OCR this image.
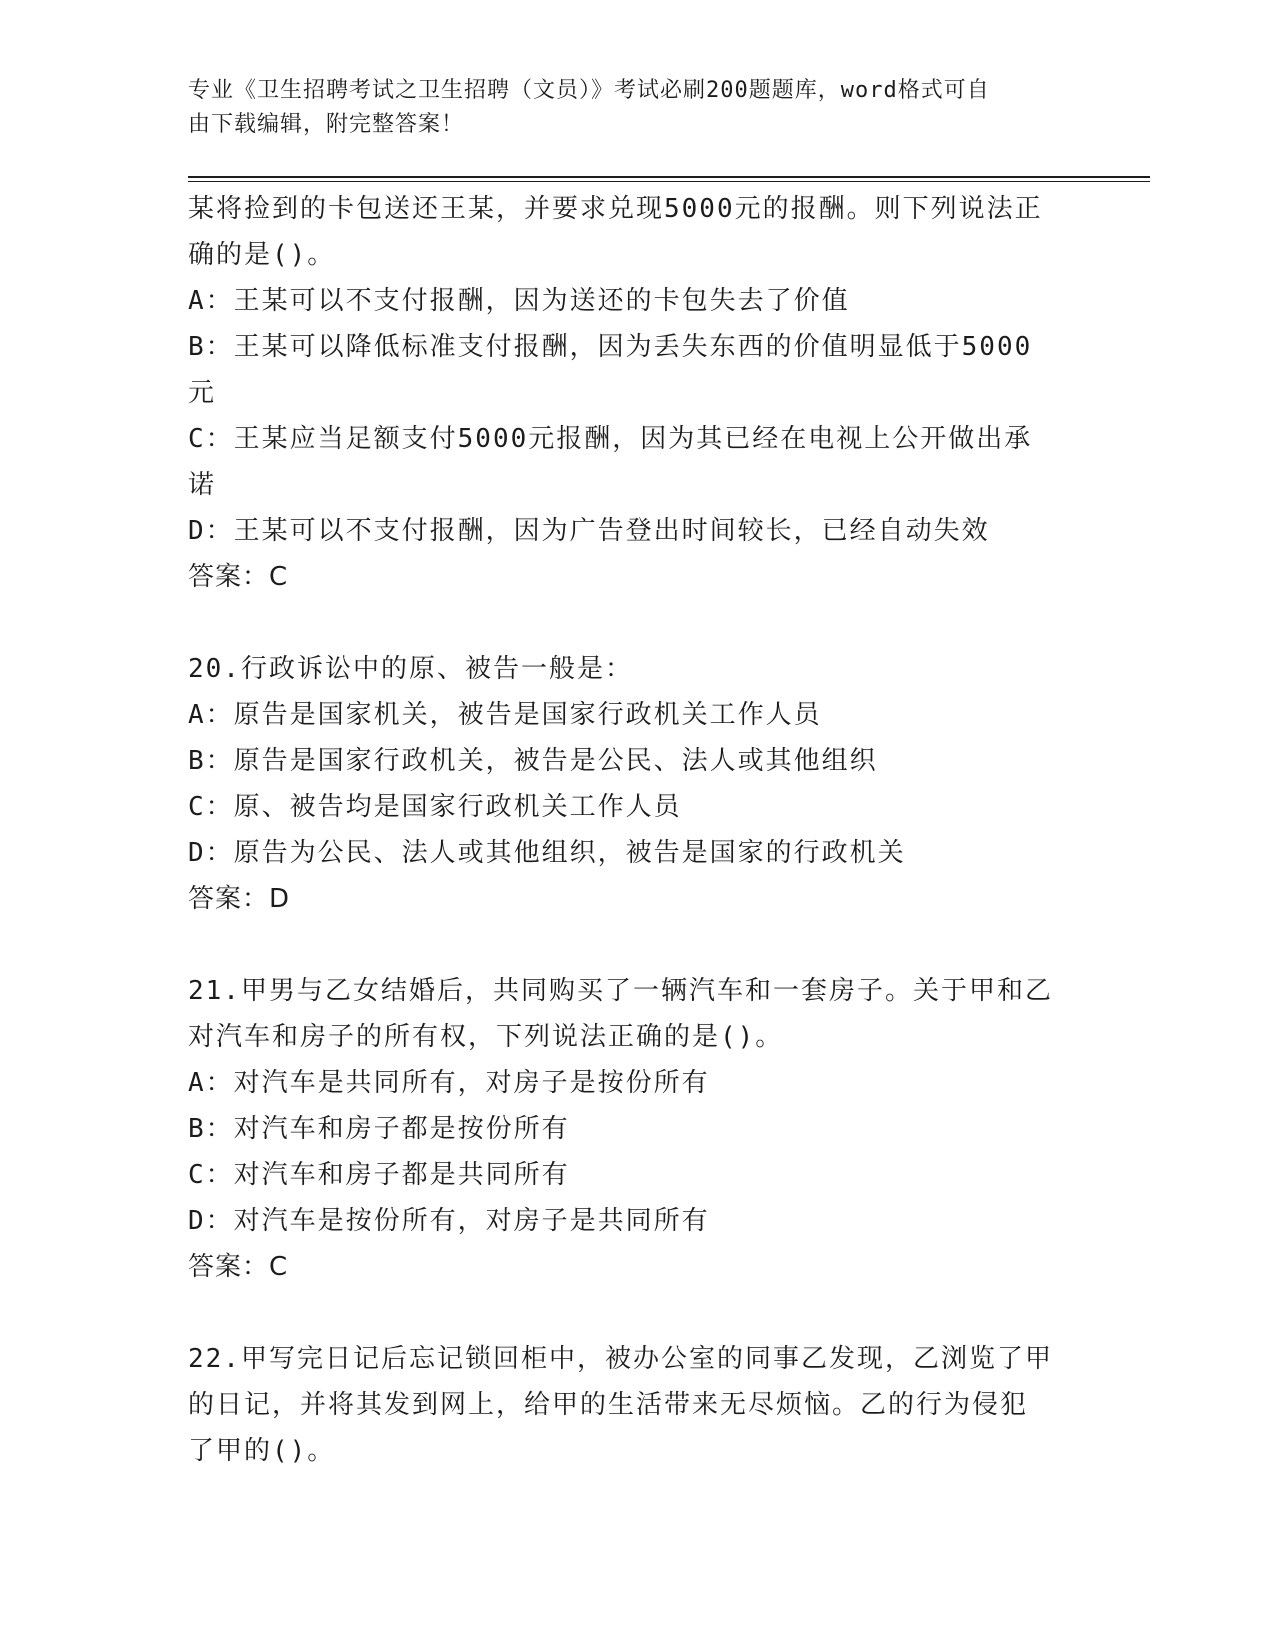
专业《卫生招聘考试之卫生招聘（文员）》考试必刷200题题库，word格式可自
由下载编辑，附完整答案！
某将捡到的卡包送还王某，并要求兑现5000元的报酬。则下列说法正
确的是()。
A：王某可以不支付报酬，因为送还的卡包失去了价值
B：王某可以降低标准支付报酬，因为丢失东西的价值明显低于5000
元
C：王某应当足额支付5000元报酬，因为其已经在电视上公开做出承
诺
D：王某可以不支付报酬，因为广告登出时间较长，已经自动失效
答案：C
20.行政诉讼中的原、被告一般是：
A：原告是国家机关，被告是国家行政机关工作人员
B：原告是国家行政机关，被告是公民、法人或其他组织
C：原、被告均是国家行政机关工作人员
D：原告为公民、法人或其他组织，被告是国家的行政机关
答案：D
21.甲男与乙女结婚后，共同购买了一辆汽车和一套房子。关于甲和乙
对汽车和房子的所有权，下列说法正确的是()。
A：对汽车是共同所有，对房子是按份所有
B：对汽车和房子都是按份所有
C：对汽车和房子都是共同所有
D：对汽车是按份所有，对房子是共同所有
答案：C
22.甲写完日记后忘记锁回柜中，被办公室的同事乙发现，乙浏览了甲
的日记，并将其发到网上，给甲的生活带来无尽烦恼。乙的行为侵犯
了甲的()。
